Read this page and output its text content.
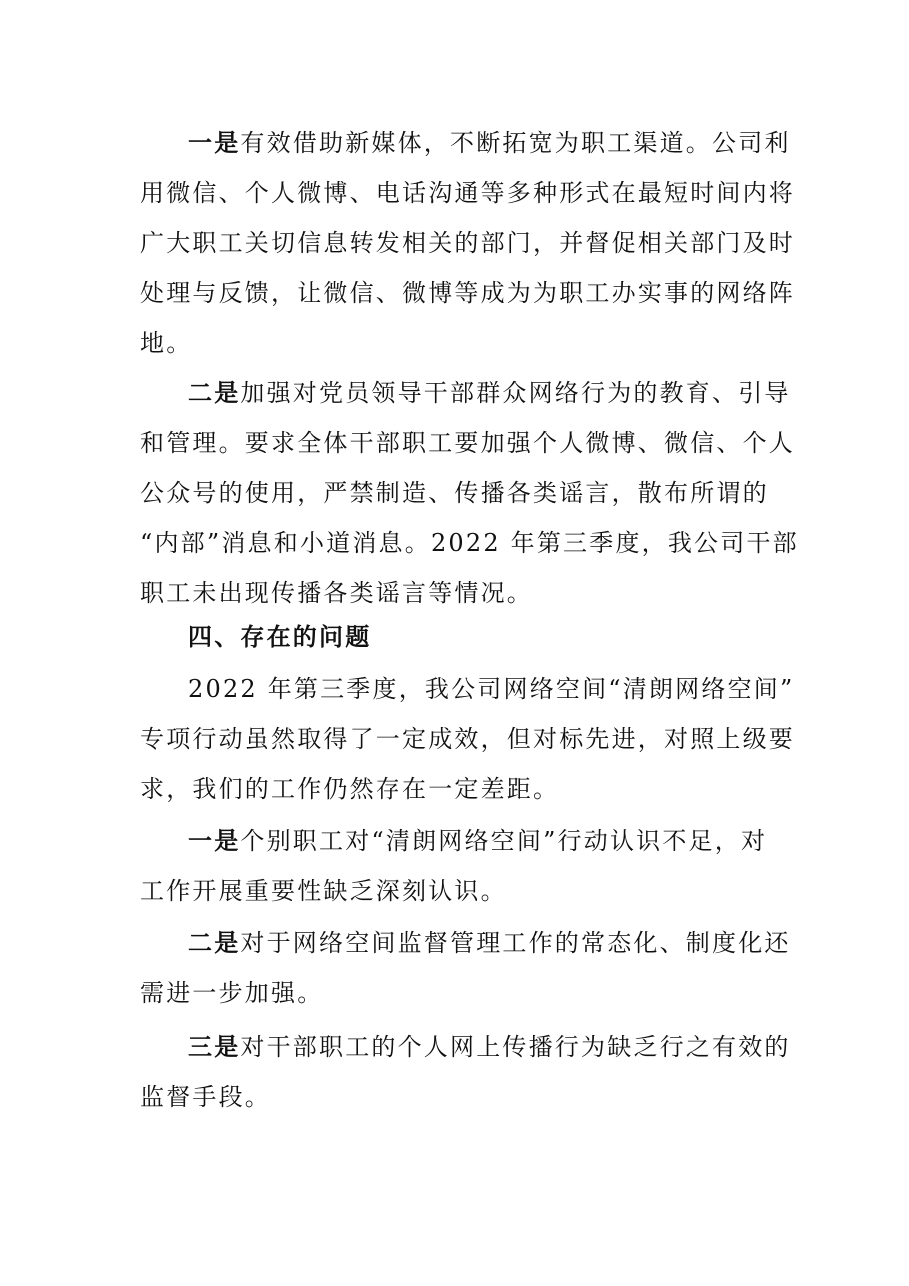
一是有效借助新媒体，不断拓宽为职工渠道。公司利
用微信、个人微博、电话沟通等多种形式在最短时间内将
广大职工关切信息转发相关的部门，并督促相关部门及时
处理与反馈，让微信、微博等成为为职工办实事的网络阵
地。
二是加强对党员领导干部群众网络行为的教育、引导
和管理。要求全体干部职工要加强个人微博、微信、个人
公众号的使用，严禁制造、传播各类谣言，散布所谓的
“内部”消息和小道消息。2022 年第三季度，我公司干部
职工未出现传播各类谣言等情况。
四、存在的问题
2022 年第三季度，我公司网络空间“清朗网络空间”
专项行动虽然取得了一定成效，但对标先进，对照上级要
求，我们的工作仍然存在一定差距。
一是个别职工对“清朗网络空间”行动认识不足，对
工作开展重要性缺乏深刻认识。
二是对于网络空间监督管理工作的常态化、制度化还
需进一步加强。
三是对干部职工的个人网上传播行为缺乏行之有效的
监督手段。
